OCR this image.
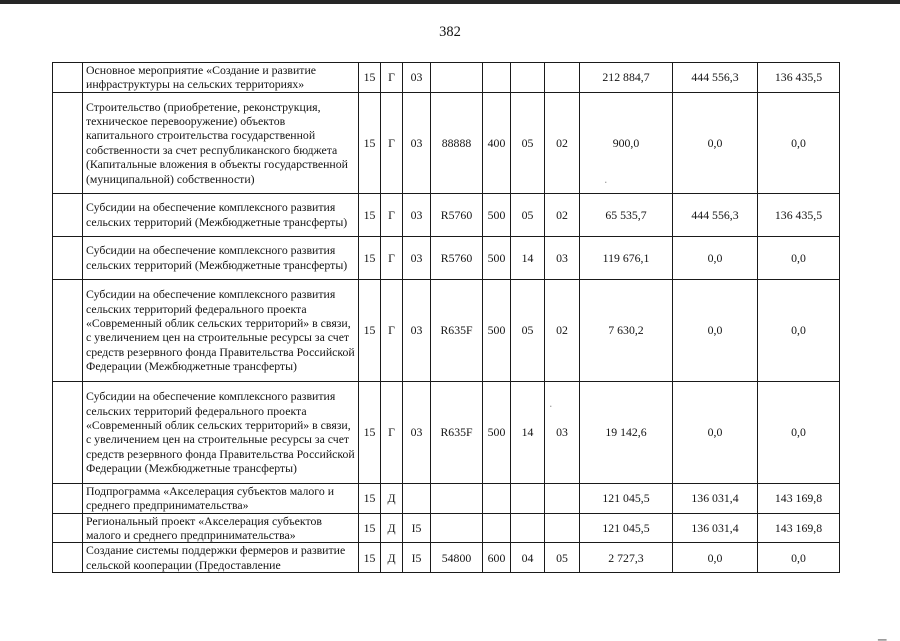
382
	Основное мероприятие «Создание и развитие инфраструктуры на сельских территориях»	15	Г	03					212 884,7	444 556,3	136 435,5
	Строительство (приобретение, реконструкция, техническое перевооружение) объектов капитального строительства государственной собственности за счет республиканского бюджета (Капитальные вложения в объекты государственной (муниципальной) собственности)	15	Г	03	88888	400	05	02	900,0	0,0	0,0
	Субсидии на обеспечение комплексного развития сельских территорий (Межбюджетные трансферты)	15	Г	03	R5760	500	05	02	65 535,7	444 556,3	136 435,5
	Субсидии на обеспечение комплексного развития сельских территорий (Межбюджетные трансферты)	15	Г	03	R5760	500	14	03	119 676,1	0,0	0,0
	Субсидии на обеспечение комплексного развития сельских территорий федерального проекта «Современный облик сельских территорий» в связи, с увеличением цен на строительные ресурсы за счет средств резервного фонда Правительства Российской Федерации (Межбюджетные трансферты)	15	Г	03	R635F	500	05	02	7 630,2	0,0	0,0
	Субсидии на обеспечение комплексного развития сельских территорий федерального проекта «Современный облик сельских территорий» в связи, с увеличением цен на строительные ресурсы за счет средств резервного фонда Правительства Российской Федерации (Межбюджетные трансферты)	15	Г	03	R635F	500	14	03	19 142,6	0,0	0,0
	Подпрограмма «Акселерация субъектов малого и среднего предпринимательства»	15	Д						121 045,5	136 031,4	143 169,8
	Региональный проект «Акселерация субъектов малого и среднего предпринимательства»	15	Д	I5					121 045,5	136 031,4	143 169,8
	Создание системы поддержки фермеров и развитие сельской кооперации (Предоставление	15	Д	I5	54800	600	04	05	2 727,3	0,0	0,0
·
·
▁
